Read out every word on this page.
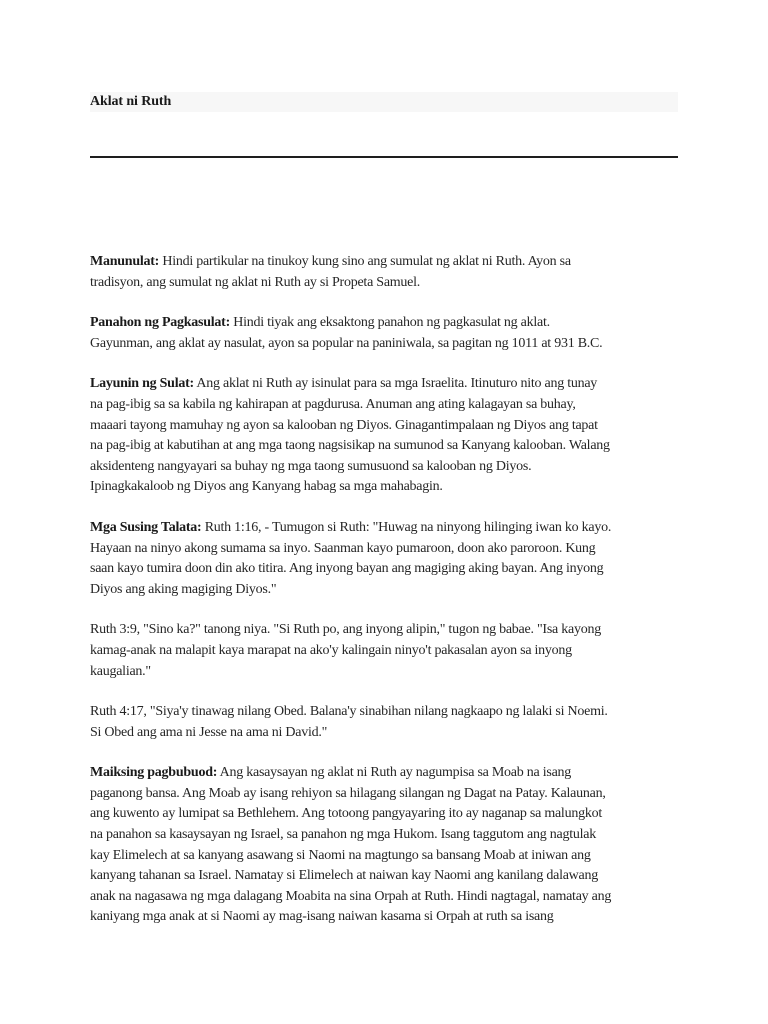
Aklat ni Ruth

Manunulat: Hindi partikular na tinukoy kung sino ang sumulat ng aklat ni Ruth. Ayon sa
tradisyon, ang sumulat ng aklat ni Ruth ay si Propeta Samuel.

Panahon ng Pagkasulat: Hindi tiyak ang eksaktong panahon ng pagkasulat ng aklat.
Gayunman, ang aklat ay nasulat, ayon sa popular na paniniwala, sa pagitan ng 1011 at 931 B.C.

Layunin ng Sulat: Ang aklat ni Ruth ay isinulat para sa mga Israelita. Itinuturo nito ang tunay
na pag-ibig sa sa kabila ng kahirapan at pagdurusa. Anuman ang ating kalagayan sa buhay,
maaari tayong mamuhay ng ayon sa kalooban ng Diyos. Ginagantimpalaan ng Diyos ang tapat
na pag-ibig at kabutihan at ang mga taong nagsisikap na sumunod sa Kanyang kalooban. Walang
aksidenteng nangyayari sa buhay ng mga taong sumusuond sa kalooban ng Diyos.
Ipinagkakaloob ng Diyos ang Kanyang habag sa mga mahabagin.

Mga Susing Talata: Ruth 1:16, - Tumugon si Ruth: "Huwag na ninyong hilinging iwan ko kayo.
Hayaan na ninyo akong sumama sa inyo. Saanman kayo pumaroon, doon ako paroroon. Kung
saan kayo tumira doon din ako titira. Ang inyong bayan ang magiging aking bayan. Ang inyong
Diyos ang aking magiging Diyos."

Ruth 3:9, "Sino ka?" tanong niya. "Si Ruth po, ang inyong alipin," tugon ng babae. "Isa kayong
kamag-anak na malapit kaya marapat na ako'y kalingain ninyo't pakasalan ayon sa inyong
kaugalian."

Ruth 4:17, "Siya'y tinawag nilang Obed. Balana'y sinabihan nilang nagkaapo ng lalaki si Noemi.
Si Obed ang ama ni Jesse na ama ni David."

Maiksing pagbubuod: Ang kasaysayan ng aklat ni Ruth ay nagumpisa sa Moab na isang
paganong bansa. Ang Moab ay isang rehiyon sa hilagang silangan ng Dagat na Patay. Kalaunan,
ang kuwento ay lumipat sa Bethlehem. Ang totoong pangyayaring ito ay naganap sa malungkot
na panahon sa kasaysayan ng Israel, sa panahon ng mga Hukom. Isang taggutom ang nagtulak
kay Elimelech at sa kanyang asawang si Naomi na magtungo sa bansang Moab at iniwan ang
kanyang tahanan sa Israel. Namatay si Elimelech at naiwan kay Naomi ang kanilang dalawang
anak na nagasawa ng mga dalagang Moabita na sina Orpah at Ruth. Hindi nagtagal, namatay ang
kaniyang mga anak at si Naomi ay mag-isang naiwan kasama si Orpah at ruth sa isang
